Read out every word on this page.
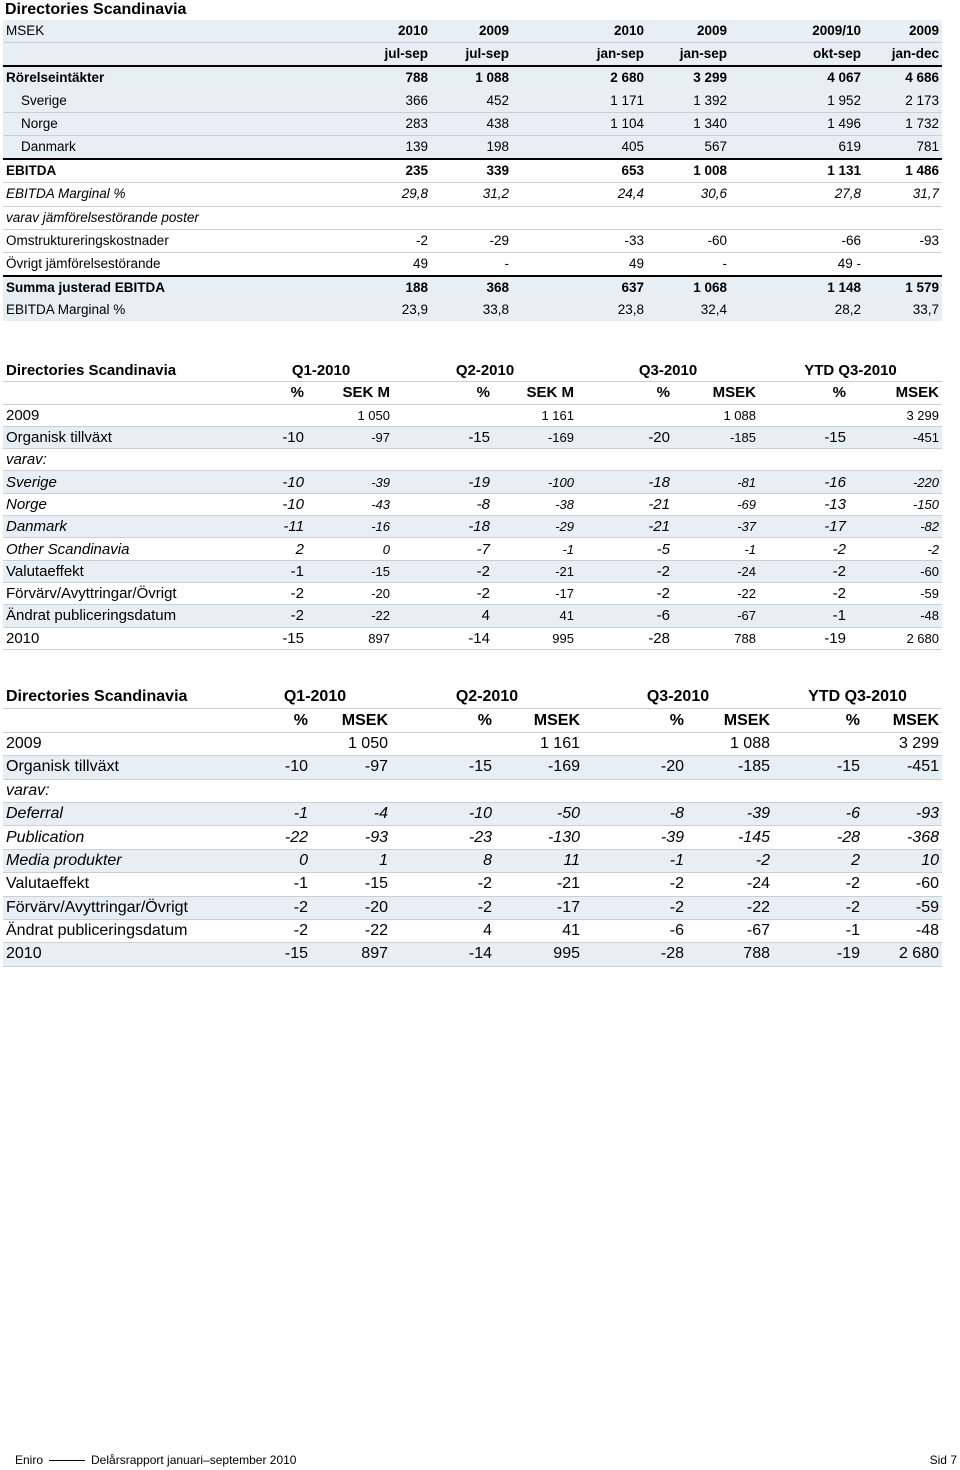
Directories Scandinavia
MSEK	2010	2009	2010	2009	2009/10	2009
	jul-sep	jul-sep	jan-sep	jan-sep	okt-sep	jan-dec
Rörelseintäkter	788	1 088	2 680	3 299	4 067	4 686
Sverige	366	452	1 171	1 392	1 952	2 173
Norge	283	438	1 104	1 340	1 496	1 732
Danmark	139	198	405	567	619	781
EBITDA	235	339	653	1 008	1 131	1 486
EBITDA Marginal %	29,8	31,2	24,4	30,6	27,8	31,7
varav jämförelsestörande poster						
Omstruktureringskostnader	-2	-29	-33	-60	-66	-93
Övrigt jämförelsestörande	49	-	49	-	49 -	
Summa justerad EBITDA	188	368	637	1 068	1 148	1 579
EBITDA Marginal %	23,9	33,8	23,8	32,4	28,2	33,7
Directories Scandinavia	Q1-2010		Q2-2010		Q3-2010		YTD Q3-2010	
	%	SEK M	%	SEK M	%	MSEK	%	MSEK
2009		1 050		1 161		1 088		3 299
Organisk tillväxt	-10	-97	-15	-169	-20	-185	-15	-451
varav:								
Sverige	-10	-39	-19	-100	-18	-81	-16	-220
Norge	-10	-43	-8	-38	-21	-69	-13	-150
Danmark	-11	-16	-18	-29	-21	-37	-17	-82
Other Scandinavia	2	0	-7	-1	-5	-1	-2	-2
Valutaeffekt	-1	-15	-2	-21	-2	-24	-2	-60
Förvärv/Avyttringar/Övrigt	-2	-20	-2	-17	-2	-22	-2	-59
Ändrat publiceringsdatum	-2	-22	4	41	-6	-67	-1	-48
2010	-15	897	-14	995	-28	788	-19	2 680
Directories Scandinavia	Q1-2010		Q2-2010		Q3-2010		YTD Q3-2010	
	%	MSEK	%	MSEK	%	MSEK	%	MSEK
2009		1 050		1 161		1 088		3 299
Organisk tillväxt	-10	-97	-15	-169	-20	-185	-15	-451
varav:								
Deferral	-1	-4	-10	-50	-8	-39	-6	-93
Publication	-22	-93	-23	-130	-39	-145	-28	-368
Media produkter	0	1	8	11	-1	-2	2	10
Valutaeffekt	-1	-15	-2	-21	-2	-24	-2	-60
Förvärv/Avyttringar/Övrigt	-2	-20	-2	-17	-2	-22	-2	-59
Ändrat publiceringsdatum	-2	-22	4	41	-6	-67	-1	-48
2010	-15	897	-14	995	-28	788	-19	2 680
Eniro	Delårsrapport januari–september 2010	Sid 7
